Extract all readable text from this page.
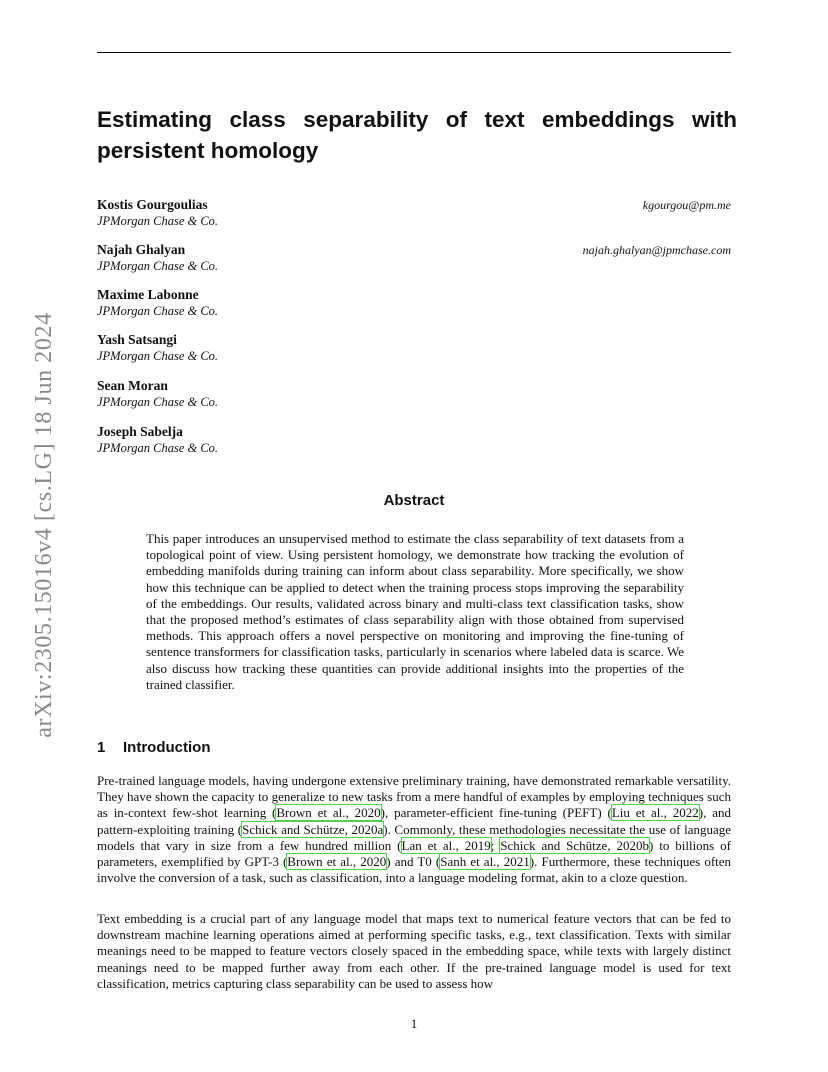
arXiv:2305.15016v4 [cs.LG] 18 Jun 2024
Estimating class separability of text embeddings with persistent homology
Kostis Gourgoulias
JPMorgan Chase & Co.
kgourgou@pm.me
Najah Ghalyan
JPMorgan Chase & Co.
najah.ghalyan@jpmchase.com
Maxime Labonne
JPMorgan Chase & Co.
Yash Satsangi
JPMorgan Chase & Co.
Sean Moran
JPMorgan Chase & Co.
Joseph Sabelja
JPMorgan Chase & Co.
Abstract
This paper introduces an unsupervised method to estimate the class separability of text datasets from a topological point of view. Using persistent homology, we demonstrate how tracking the evolution of embedding manifolds during training can inform about class separability. More specifically, we show how this technique can be applied to detect when the training process stops improving the separability of the embeddings. Our results, validated across binary and multi-class text classification tasks, show that the proposed method’s estimates of class separability align with those obtained from supervised methods. This approach offers a novel perspective on monitoring and improving the fine-tuning of sentence transformers for classification tasks, particularly in scenarios where labeled data is scarce. We also discuss how tracking these quantities can provide additional insights into the properties of the trained classifier.
1 Introduction
Pre-trained language models, having undergone extensive preliminary training, have demonstrated remarkable versatility. They have shown the capacity to generalize to new tasks from a mere handful of examples by employing techniques such as in-context few-shot learning (Brown et al., 2020), parameter-efficient fine-tuning (PEFT) (Liu et al., 2022), and pattern-exploiting training (Schick and Schütze, 2020a). Commonly, these methodologies necessitate the use of language models that vary in size from a few hundred million (Lan et al., 2019; Schick and Schütze, 2020b) to billions of parameters, exemplified by GPT-3 (Brown et al., 2020) and T0 (Sanh et al., 2021). Furthermore, these techniques often involve the conversion of a task, such as classification, into a language modeling format, akin to a cloze question.
Text embedding is a crucial part of any language model that maps text to numerical feature vectors that can be fed to downstream machine learning operations aimed at performing specific tasks, e.g., text classification. Texts with similar meanings need to be mapped to feature vectors closely spaced in the embedding space, while texts with largely distinct meanings need to be mapped further away from each other. If the pre-trained language model is used for text classification, metrics capturing class separability can be used to assess how
1
